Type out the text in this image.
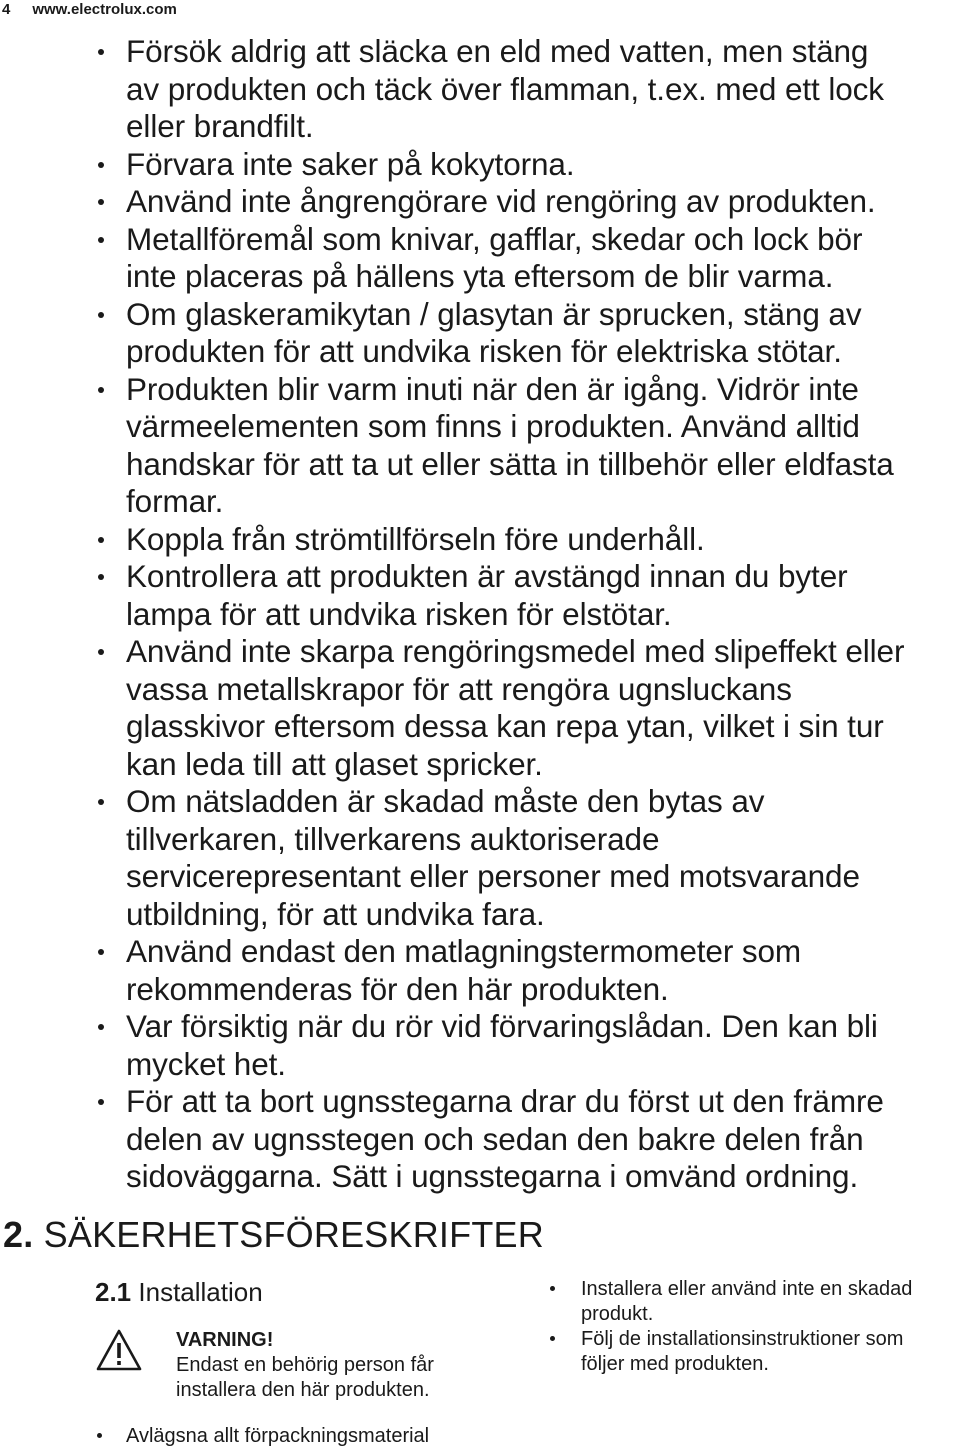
4 www.electrolux.com
Försök aldrig att släcka en eld med vatten, men stäng
av produkten och täck över flamman, t.ex. med ett lock
eller brandfilt.
Förvara inte saker på kokytorna.
Använd inte ångrengörare vid rengöring av produkten.
Metallföremål som knivar, gafflar, skedar och lock bör
inte placeras på hällens yta eftersom de blir varma.
Om glaskeramikytan / glasytan är sprucken, stäng av
produkten för att undvika risken för elektriska stötar.
Produkten blir varm inuti när den är igång. Vidrör inte
värmeelementen som finns i produkten. Använd alltid
handskar för att ta ut eller sätta in tillbehör eller eldfasta
formar.
Koppla från strömtillförseln före underhåll.
Kontrollera att produkten är avstängd innan du byter
lampa för att undvika risken för elstötar.
Använd inte skarpa rengöringsmedel med slipeffekt eller
vassa metallskrapor för att rengöra ugnsluckans
glasskivor eftersom dessa kan repa ytan, vilket i sin tur
kan leda till att glaset spricker.
Om nätsladden är skadad måste den bytas av
tillverkaren, tillverkarens auktoriserade
servicerepresentant eller personer med motsvarande
utbildning, för att undvika fara.
Använd endast den matlagningstermometer som
rekommenderas för den här produkten.
Var försiktig när du rör vid förvaringslådan. Den kan bli
mycket het.
För att ta bort ugnsstegarna drar du först ut den främre
delen av ugnsstegen och sedan den bakre delen från
sidoväggarna. Sätt i ugnsstegarna i omvänd ordning.
2. SÄKERHETSFÖRESKRIFTER
2.1 Installation
VARNING!
Endast en behörig person får
installera den här produkten.
Avlägsna allt förpackningsmaterial
Installera eller använd inte en skadad
produkt.
Följ de installationsinstruktioner som
följer med produkten.
